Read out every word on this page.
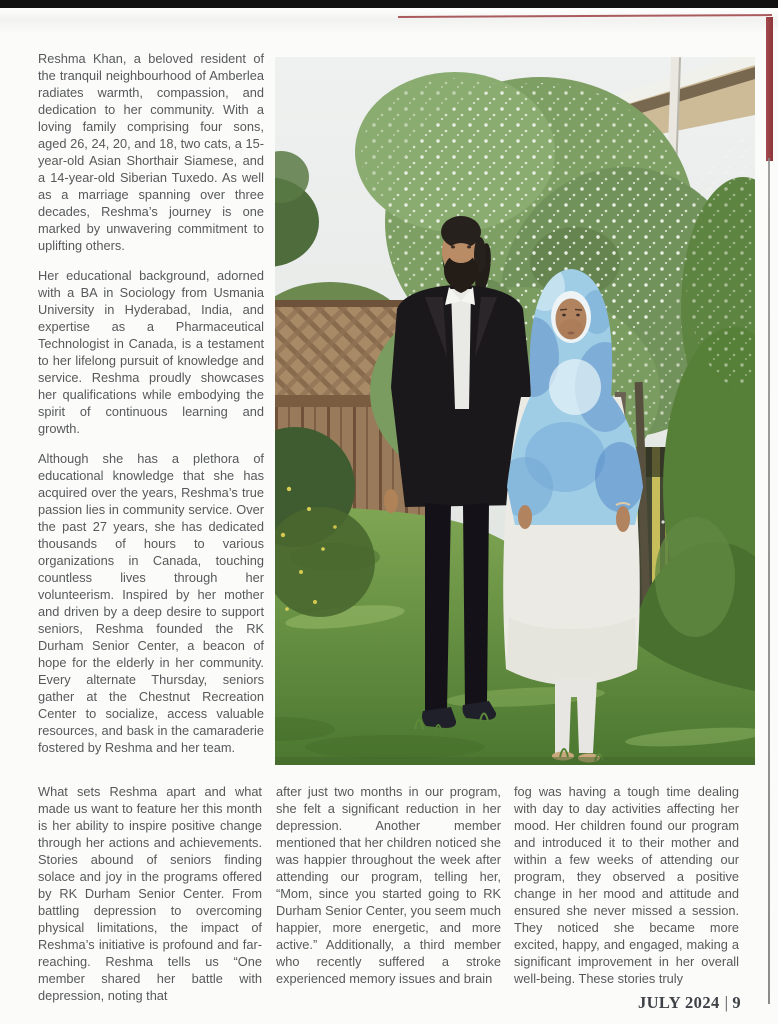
Reshma Khan, a beloved resident of the tranquil neighbourhood of Amberlea radiates warmth, compassion, and dedication to her community. With a loving family comprising four sons, aged 26, 24, 20, and 18, two cats, a 15-year-old Asian Shorthair Siamese, and a 14-year-old Siberian Tuxedo. As well as a marriage spanning over three decades, Reshma’s journey is one marked by unwavering commitment to uplifting others.

Her educational background, adorned with a BA in Sociology from Usmania University in Hyderabad, India, and expertise as a Pharmaceutical Technologist in Canada, is a testament to her lifelong pursuit of knowledge and service. Reshma proudly showcases her qualifications while embodying the spirit of continuous learning and growth.

Although she has a plethora of educational knowledge that she has acquired over the years, Reshma’s true passion lies in community service. Over the past 27 years, she has dedicated thousands of hours to various organizations in Canada, touching countless lives through her volunteerism. Inspired by her mother and driven by a deep desire to support seniors, Reshma founded the RK Durham Senior Center, a beacon of hope for the elderly in her community. Every alternate Thursday, seniors gather at the Chestnut Recreation Center to socialize, access valuable resources, and bask in the camaraderie fostered by Reshma and her team.

What sets Reshma apart and what made us want to feature her this month is her ability to inspire positive change through her actions and achievements. Stories abound of seniors finding solace and joy in the programs offered by RK Durham Senior Center. From battling depression to overcoming physical limitations, the impact of Reshma’s initiative is profound and far-reaching. Reshma tells us “One member shared her battle with depression, noting that

after just two months in our program, she felt a significant reduction in her depression. Another member mentioned that her children noticed she was happier throughout the week after attending our program, telling her, “Mom, since you started going to RK Durham Senior Center, you seem much happier, more energetic, and more active.” Additionally, a third member who recently suffered a stroke experienced memory issues and brain

fog was having a tough time dealing with day to day activities affecting her mood. Her children found our program and introduced it to their mother and within a few weeks of attending our program, they observed a positive change in her mood and attitude and ensured she never missed a session. They noticed she became more excited, happy, and engaged, making a significant improvement in her overall well-being. These stories truly

JULY 2024 | 9
